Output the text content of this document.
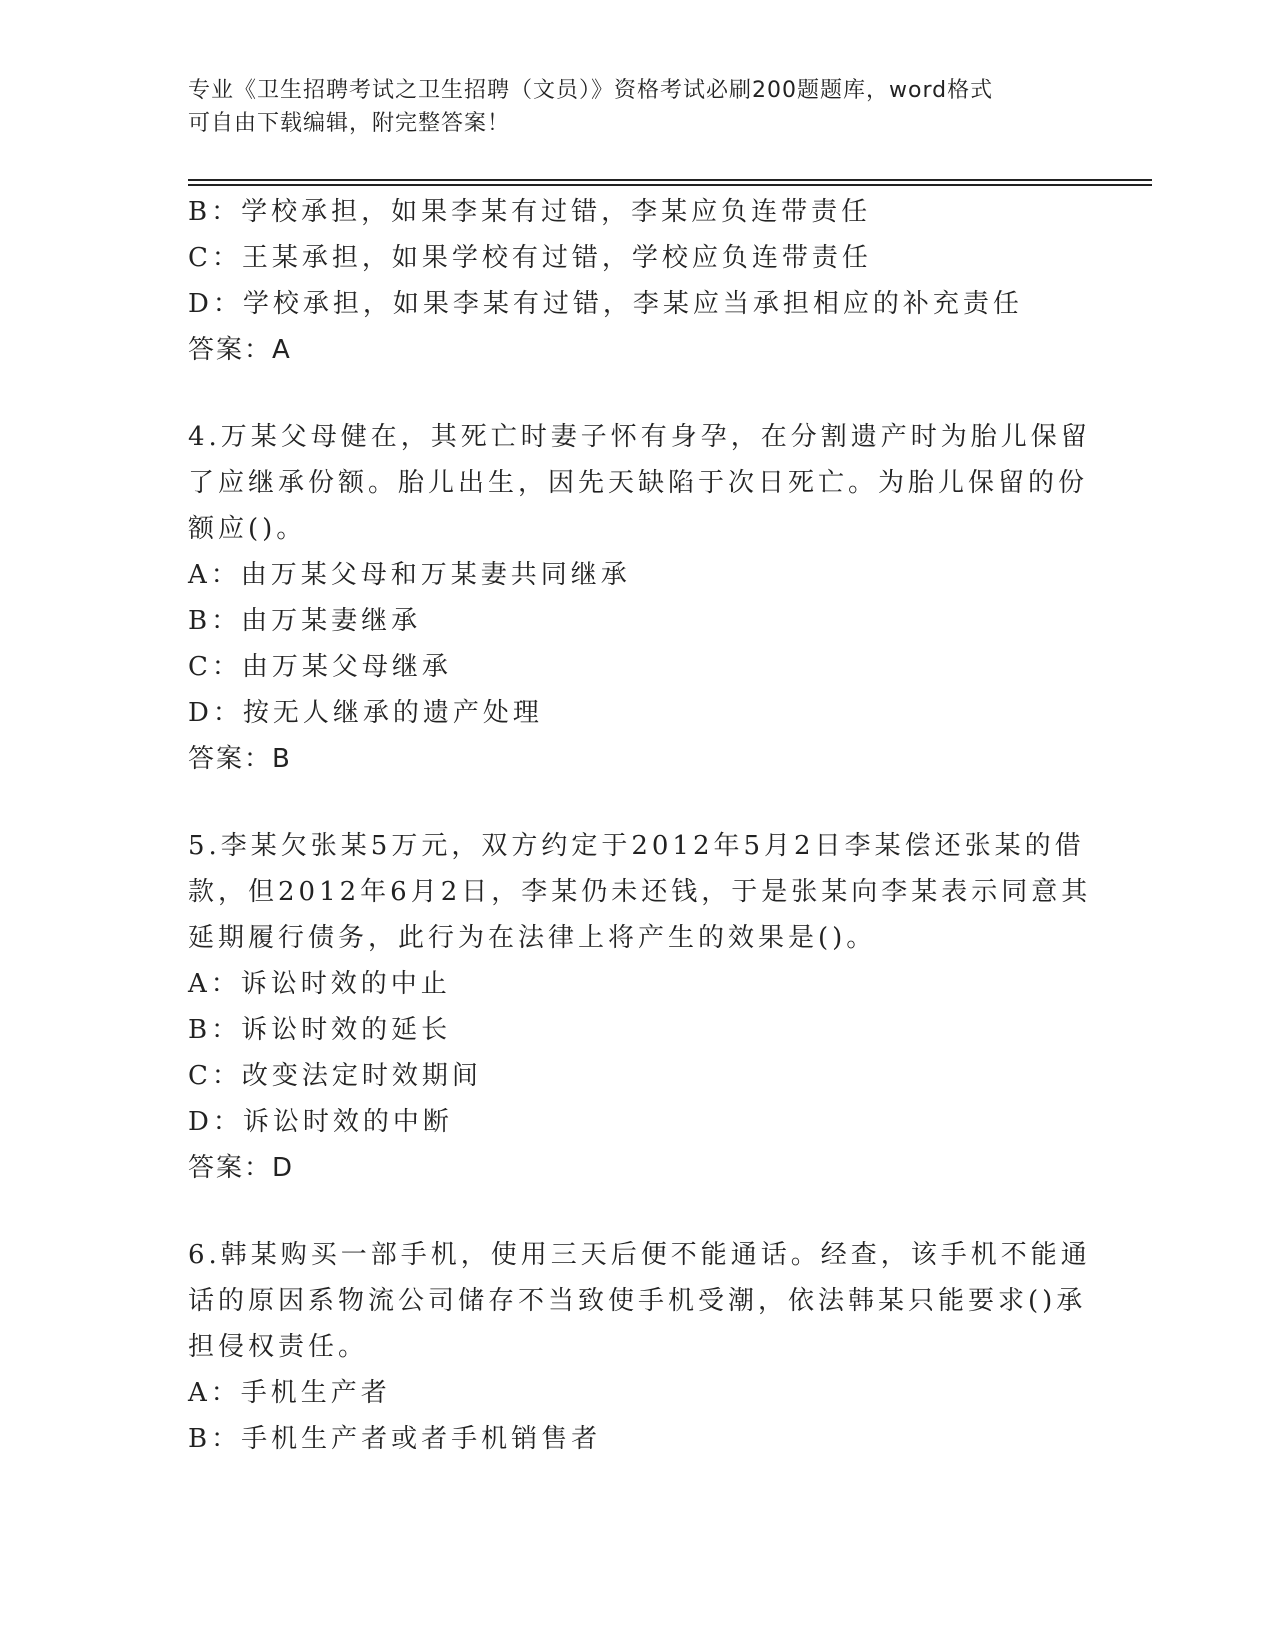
专业《卫生招聘考试之卫生招聘（文员）》资格考试必刷200题题库，word格式
可自由下载编辑，附完整答案！
B：学校承担，如果李某有过错，李某应负连带责任
C：王某承担，如果学校有过错，学校应负连带责任
D：学校承担，如果李某有过错，李某应当承担相应的补充责任
答案：A
4.万某父母健在，其死亡时妻子怀有身孕，在分割遗产时为胎儿保留
了应继承份额。胎儿出生，因先天缺陷于次日死亡。为胎儿保留的份
额应()。
A：由万某父母和万某妻共同继承
B：由万某妻继承
C：由万某父母继承
D：按无人继承的遗产处理
答案：B
5.李某欠张某5万元，双方约定于2012年5月2日李某偿还张某的借
款，但2012年6月2日，李某仍未还钱，于是张某向李某表示同意其
延期履行债务，此行为在法律上将产生的效果是()。
A：诉讼时效的中止
B：诉讼时效的延长
C：改变法定时效期间
D：诉讼时效的中断
答案：D
6.韩某购买一部手机，使用三天后便不能通话。经查，该手机不能通
话的原因系物流公司储存不当致使手机受潮，依法韩某只能要求()承
担侵权责任。
A：手机生产者
B：手机生产者或者手机销售者
